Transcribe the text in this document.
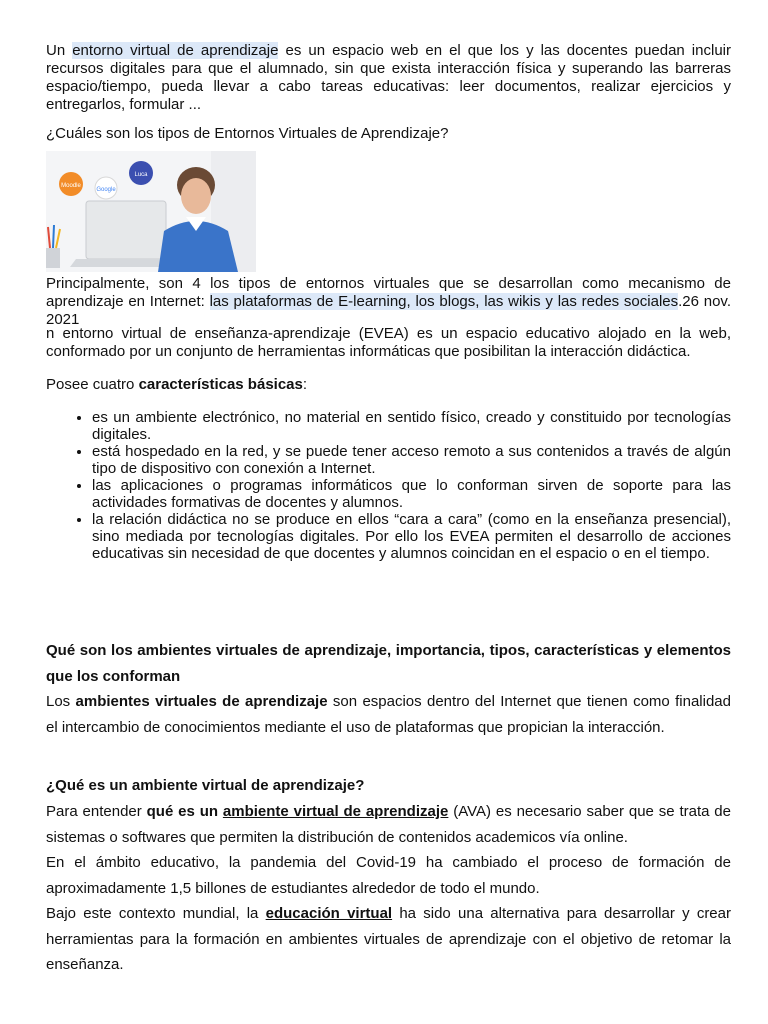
Un entorno virtual de aprendizaje es un espacio web en el que los y las docentes puedan incluir recursos digitales para que el alumnado, sin que exista interacción física y superando las barreras espacio/tiempo, pueda llevar a cabo tareas educativas: leer documentos, realizar ejercicios y entregarlos, formular ...

¿Cuáles son los tipos de Entornos Virtuales de Aprendizaje?

Moodle
Google
Luca

Principalmente, son 4 los tipos de entornos virtuales que se desarrollan como mecanismo de aprendizaje en Internet: las plataformas de E-learning, los blogs, las wikis y las redes sociales.26 nov. 2021

n entorno virtual de enseñanza-aprendizaje (EVEA) es un espacio educativo alojado en la web, conformado por un conjunto de herramientas informáticas que posibilitan la interacción didáctica.

Posee cuatro características básicas:

• es un ambiente electrónico, no material en sentido físico, creado y constituido por tecnologías digitales.
• está hospedado en la red, y se puede tener acceso remoto a sus contenidos a través de algún tipo de dispositivo con conexión a Internet.
• las aplicaciones o programas informáticos que lo conforman sirven de soporte para las actividades formativas de docentes y alumnos.
• la relación didáctica no se produce en ellos “cara a cara” (como en la enseñanza presencial), sino mediada por tecnologías digitales. Por ello los EVEA permiten el desarrollo de acciones educativas sin necesidad de que docentes y alumnos coincidan en el espacio o en el tiempo.

Qué son los ambientes virtuales de aprendizaje, importancia, tipos, características y elementos que los conforman

Los ambientes virtuales de aprendizaje son espacios dentro del Internet que tienen como finalidad el intercambio de conocimientos mediante el uso de plataformas que propician la interacción.

¿Qué es un ambiente virtual de aprendizaje?

Para entender qué es un ambiente virtual de aprendizaje (AVA) es necesario saber que se trata de sistemas o softwares que permiten la distribución de contenidos academicos vía online.

En el ámbito educativo, la pandemia del Covid-19 ha cambiado el proceso de formación de aproximadamente 1,5 billones de estudiantes alrededor de todo el mundo.

Bajo este contexto mundial, la educación virtual ha sido una alternativa para desarrollar y crear herramientas para la formación en ambientes virtuales de aprendizaje con el objetivo de retomar la enseñanza.
